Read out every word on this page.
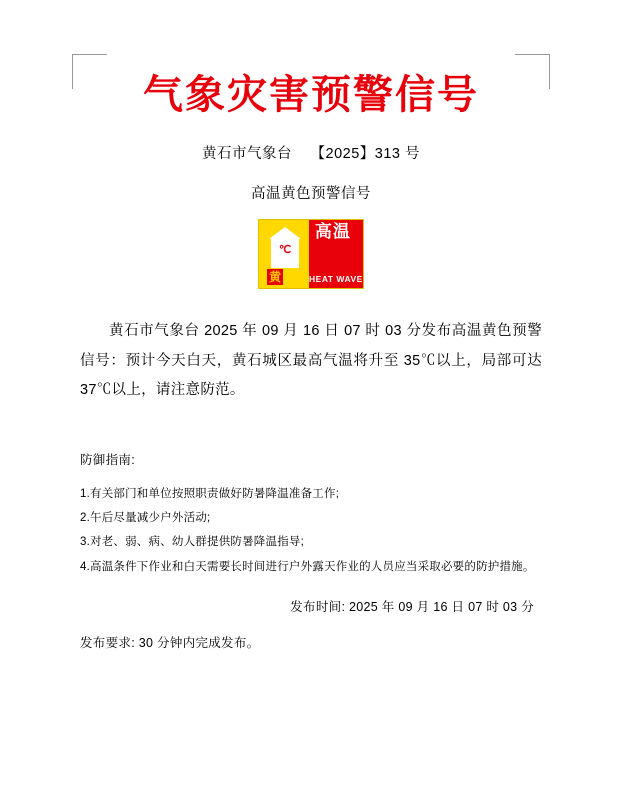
气象灾害预警信号
黄石市气象台 【2025】313 号
高温黄色预警信号
℃
黄
高温
HEAT WAVE
黄石市气象台 2025 年 09 月 16 日 07 时 03 分发布高温黄色预警信号：预计今天白天，黄石城区最高气温将升至 35℃以上，局部可达 37℃以上，请注意防范。
防御指南:
1.有关部门和单位按照职责做好防暑降温准备工作;
2.午后尽量减少户外活动;
3.对老、弱、病、幼人群提供防暑降温指导;
4.高温条件下作业和白天需要长时间进行户外露天作业的人员应当采取必要的防护措施。
发布时间: 2025 年 09 月 16 日 07 时 03 分
发布要求: 30 分钟内完成发布。
